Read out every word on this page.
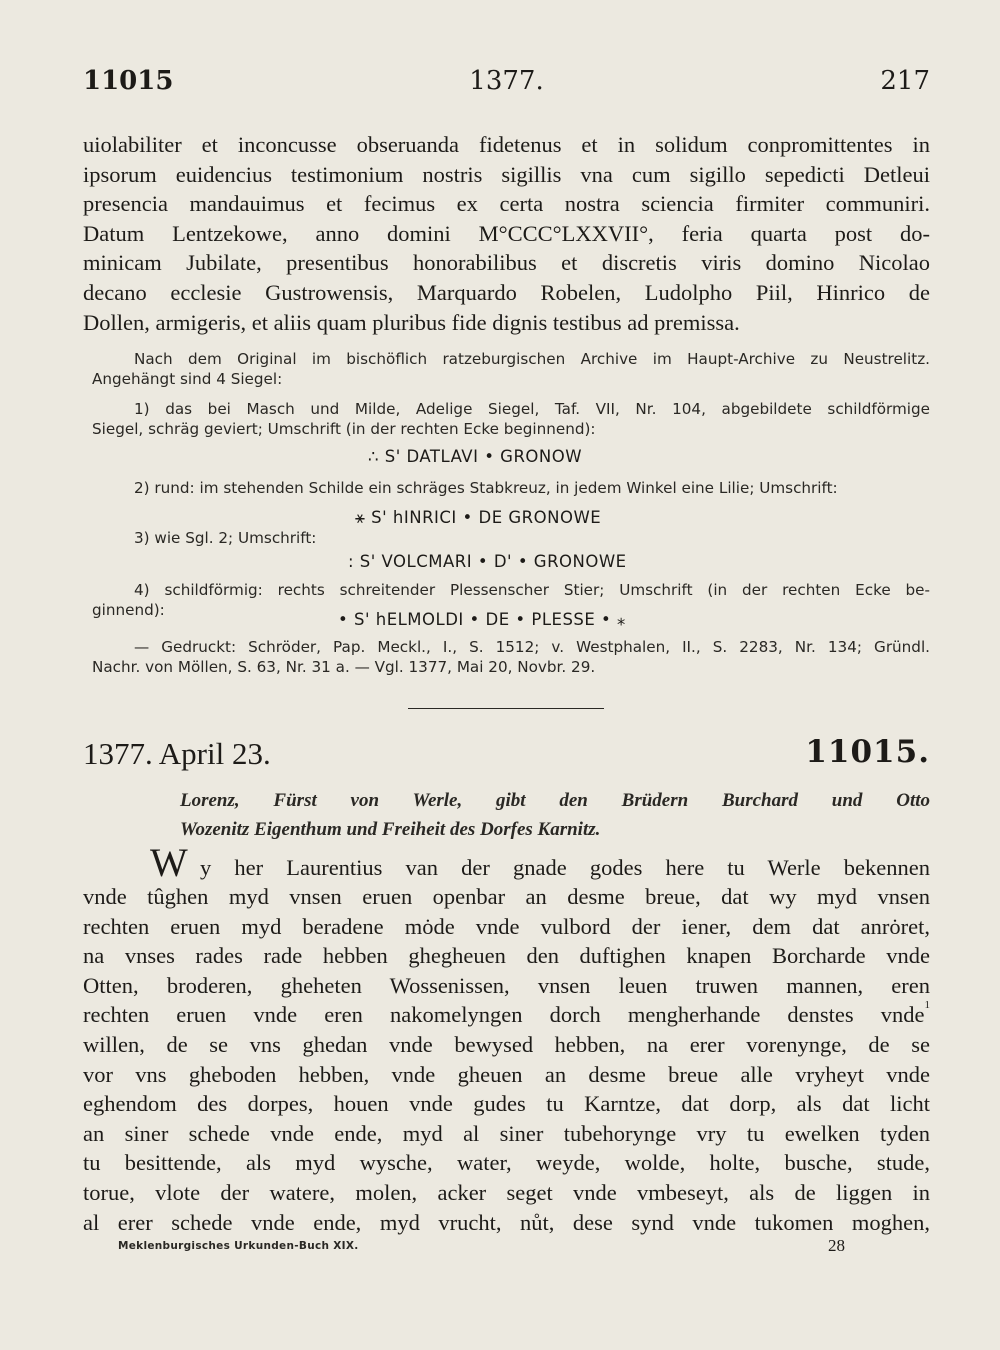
11015	1377.	217
uiolabiliter et inconcusse obseruanda fidetenus et in solidum conpromittentes in
ipsorum euidencius testimonium nostris sigillis vna cum sigillo sepedicti Detleui
presencia mandauimus et fecimus ex certa nostra sciencia firmiter communiri.
Datum Lentzekowe, anno domini M°CCC°LXXVII°, feria quarta post do-
minicam Jubilate, presentibus honorabilibus et discretis viris domino Nicolao
decano ecclesie Gustrowensis, Marquardo Robelen, Ludolpho Piil, Hinrico de
Dollen, armigeris, et aliis quam pluribus fide dignis testibus ad premissa.
Nach dem Original im bischöflich ratzeburgischen Archive im Haupt-Archive zu Neustrelitz.
Angehängt sind 4 Siegel:
1) das bei Masch und Milde, Adelige Siegel, Taf. VII, Nr. 104, abgebildete schildförmige
Siegel, schräg geviert; Umschrift (in der rechten Ecke beginnend):
∴ S' DATLAVI • GRONOW
2) rund: im stehenden Schilde ein schräges Stabkreuz, in jedem Winkel eine Lilie; Umschrift:
⚹ S' hINRICI • DE GRONOWE
3) wie Sgl. 2; Umschrift:
: S' VOLCMARI • D' • GRONOWE
4) schildförmig: rechts schreitender Plessenscher Stier; Umschrift (in der rechten Ecke be-
ginnend):	• S' hELMOLDI • DE • PLESSE • ⁎
— Gedruckt: Schröder, Pap. Meckl., I., S. 1512; v. Westphalen, II., S. 2283, Nr. 134; Gründl.
Nachr. von Möllen, S. 63, Nr. 31 a. — Vgl. 1377, Mai 20, Novbr. 29.
1377. April 23.	11015.
Lorenz, Fürst von Werle, gibt den Brüdern Burchard und Otto
Wozenitz Eigenthum und Freiheit des Dorfes Karnitz.
W y her Laurentius van der gnade godes here tu Werle bekennen
vnde tûghen myd vnsen eruen openbar an desme breue, dat wy myd vnsen
rechten eruen myd beradene mȯde vnde vulbord der iener, dem dat anrȯret,
na vnses rades rade hebben ghegheuen den duftighen knapen Borcharde vnde
Otten, broderen, gheheten Wossenissen, vnsen leuen truwen mannen, eren
rechten eruen vnde eren nakomelyngen dorch mengherhande denstes vnde$^1$
willen, de se vns ghedan vnde bewysed hebben, na erer vorenynge, de se
vor vns gheboden hebben, vnde gheuen an desme breue alle vryheyt vnde
eghendom des dorpes, houen vnde gudes tu Karntze, dat dorp, als dat licht
an siner schede vnde ende, myd al siner tubehorynge vry tu ewelken tyden
tu besittende, als myd wysche, water, weyde, wolde, holte, busche, stude,
torue, vlote der watere, molen, acker seget vnde vmbeseyt, als de liggen in
al erer schede vnde ende, myd vrucht, nůt, dese synd vnde tukomen moghen,
Meklenburgisches Urkunden-Buch XIX.	28
